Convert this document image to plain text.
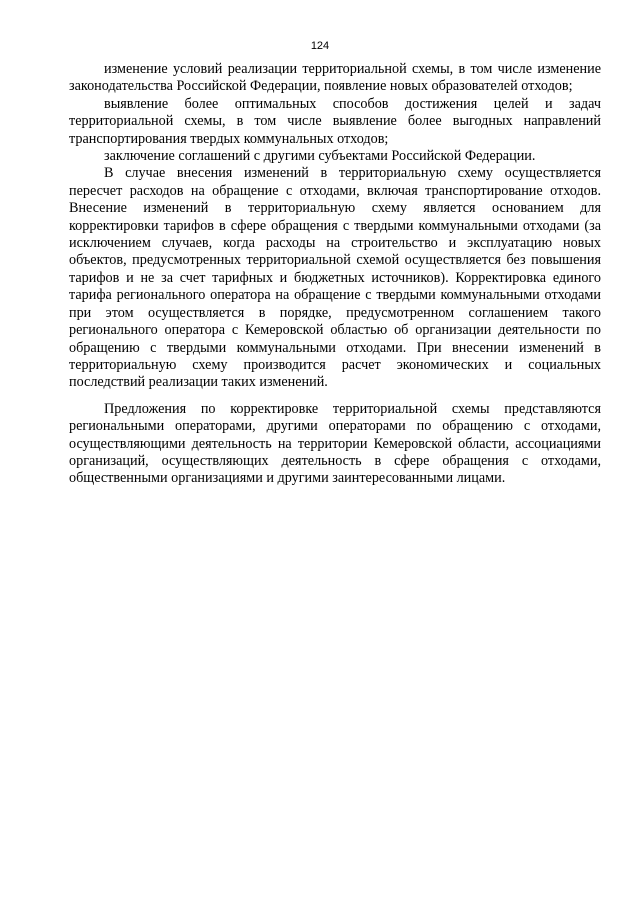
124

изменение условий реализации территориальной схемы, в том числе изменение законодательства Российской Федерации, появление новых образователей отходов;

выявление более оптимальных способов достижения целей и задач территориальной схемы, в том числе выявление более выгодных направлений транспортирования твердых коммунальных отходов;

заключение соглашений с другими субъектами Российской Федерации.

В случае внесения изменений в территориальную схему осуществляется пересчет расходов на обращение с отходами, включая транспортирование отходов. Внесение изменений в территориальную схему является основанием для корректировки тарифов в сфере обращения с твердыми коммунальными отходами (за исключением случаев, когда расходы на строительство и эксплуатацию новых объектов, предусмотренных территориальной схемой осуществляется без повышения тарифов и не за счет тарифных и бюджетных источников). Корректировка единого тарифа регионального оператора на обращение с твердыми коммунальными отходами при этом осуществляется в порядке, предусмотренном соглашением такого регионального оператора с Кемеровской областью об организации деятельности по обращению с твердыми коммунальными отходами. При внесении изменений в территориальную схему производится расчет экономических и социальных последствий реализации таких изменений.

Предложения по корректировке территориальной схемы представляются региональными операторами, другими операторами по обращению с отходами, осуществляющими деятельность на территории Кемеровской области, ассоциациями организаций, осуществляющих деятельность в сфере обращения с отходами, общественными организациями и другими заинтересованными лицами.
